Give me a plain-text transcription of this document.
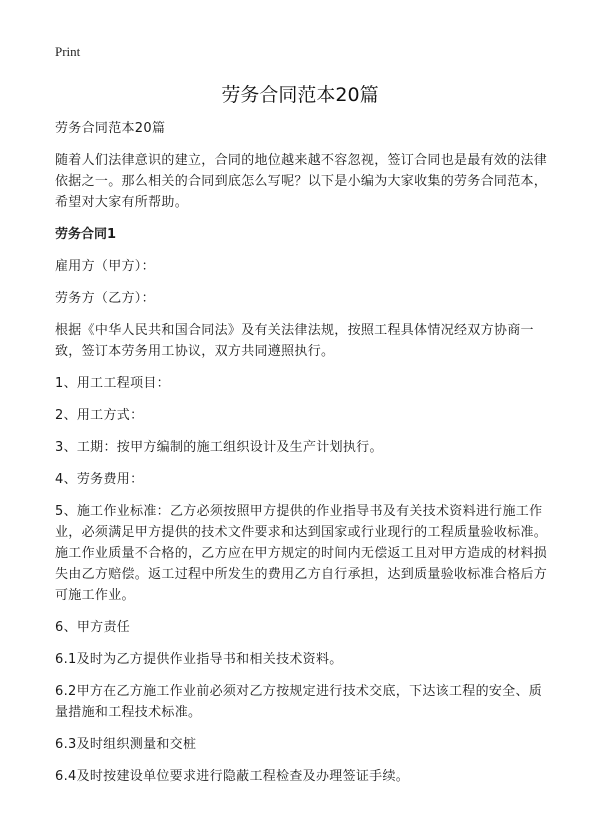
Print
劳务合同范本20篇

劳务合同范本20篇

随着人们法律意识的建立，合同的地位越来越不容忽视，签订合同也是最有效的法律依据之一。那么相关的合同到底怎么写呢？以下是小编为大家收集的劳务合同范本，希望对大家有所帮助。

劳务合同1

雇用方（甲方）：

劳务方（乙方）：

根据《中华人民共和国合同法》及有关法律法规，按照工程具体情况经双方协商一致，签订本劳务用工协议，双方共同遵照执行。

1、用工工程项目：

2、用工方式：

3、工期：按甲方编制的施工组织设计及生产计划执行。

4、劳务费用：

5、施工作业标准：乙方必须按照甲方提供的作业指导书及有关技术资料进行施工作业，必须满足甲方提供的技术文件要求和达到国家或行业现行的工程质量验收标准。施工作业质量不合格的，乙方应在甲方规定的时间内无偿返工且对甲方造成的材料损失由乙方赔偿。返工过程中所发生的费用乙方自行承担，达到质量验收标准合格后方可施工作业。

6、甲方责任

6.1及时为乙方提供作业指导书和相关技术资料。

6.2甲方在乙方施工作业前必须对乙方按规定进行技术交底，下达该工程的安全、质量措施和工程技术标准。

6.3及时组织测量和交桩

6.4及时按建设单位要求进行隐蔽工程检查及办理签证手续。
